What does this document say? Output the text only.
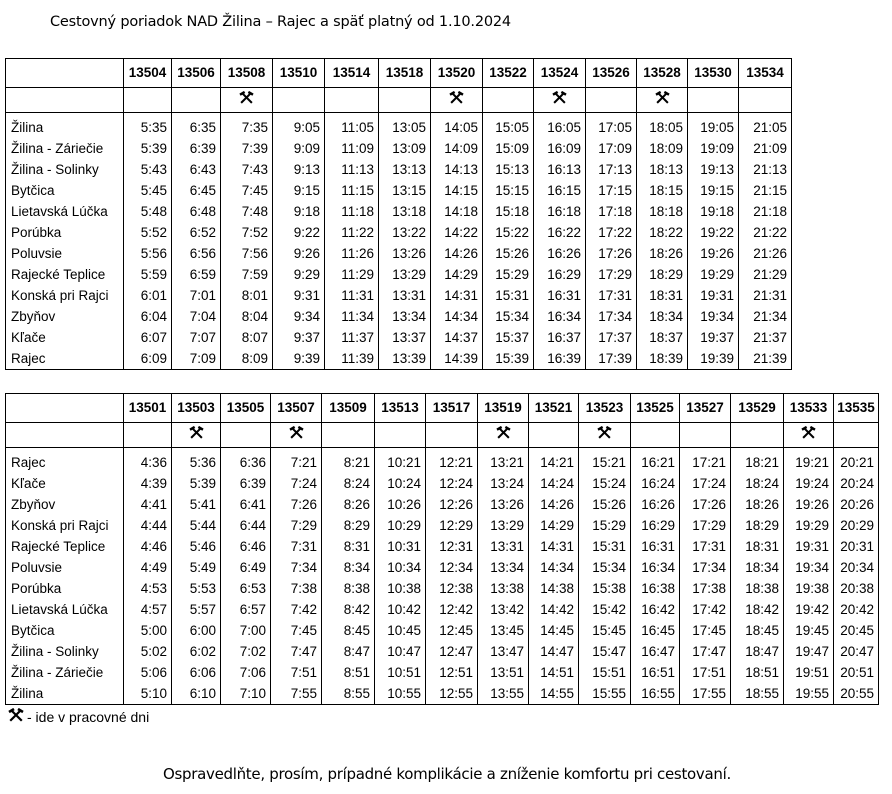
Cestovný poriadok NAD Žilina – Rajec a späť platný od 1.10.2024
	13504	13506	13508	13510	13514	13518	13520	13522	13524	13526	13528	13530	13534

Žilina	5:35	6:35	7:35	9:05	11:05	13:05	14:05	15:05	16:05	17:05	18:05	19:05	21:05
Žilina - Záriečie	5:39	6:39	7:39	9:09	11:09	13:09	14:09	15:09	16:09	17:09	18:09	19:09	21:09
Žilina - Solinky	5:43	6:43	7:43	9:13	11:13	13:13	14:13	15:13	16:13	17:13	18:13	19:13	21:13
Bytčica	5:45	6:45	7:45	9:15	11:15	13:15	14:15	15:15	16:15	17:15	18:15	19:15	21:15
Lietavská Lúčka	5:48	6:48	7:48	9:18	11:18	13:18	14:18	15:18	16:18	17:18	18:18	19:18	21:18
Porúbka	5:52	6:52	7:52	9:22	11:22	13:22	14:22	15:22	16:22	17:22	18:22	19:22	21:22
Poluvsie	5:56	6:56	7:56	9:26	11:26	13:26	14:26	15:26	16:26	17:26	18:26	19:26	21:26
Rajecké Teplice	5:59	6:59	7:59	9:29	11:29	13:29	14:29	15:29	16:29	17:29	18:29	19:29	21:29
Konská pri Rajci	6:01	7:01	8:01	9:31	11:31	13:31	14:31	15:31	16:31	17:31	18:31	19:31	21:31
Zbyňov	6:04	7:04	8:04	9:34	11:34	13:34	14:34	15:34	16:34	17:34	18:34	19:34	21:34
Kľače	6:07	7:07	8:07	9:37	11:37	13:37	14:37	15:37	16:37	17:37	18:37	19:37	21:37
Rajec	6:09	7:09	8:09	9:39	11:39	13:39	14:39	15:39	16:39	17:39	18:39	19:39	21:39
	13501	13503	13505	13507	13509	13513	13517	13519	13521	13523	13525	13527	13529	13533	13535

Rajec	4:36	5:36	6:36	7:21	8:21	10:21	12:21	13:21	14:21	15:21	16:21	17:21	18:21	19:21	20:21
Kľače	4:39	5:39	6:39	7:24	8:24	10:24	12:24	13:24	14:24	15:24	16:24	17:24	18:24	19:24	20:24
Zbyňov	4:41	5:41	6:41	7:26	8:26	10:26	12:26	13:26	14:26	15:26	16:26	17:26	18:26	19:26	20:26
Konská pri Rajci	4:44	5:44	6:44	7:29	8:29	10:29	12:29	13:29	14:29	15:29	16:29	17:29	18:29	19:29	20:29
Rajecké Teplice	4:46	5:46	6:46	7:31	8:31	10:31	12:31	13:31	14:31	15:31	16:31	17:31	18:31	19:31	20:31
Poluvsie	4:49	5:49	6:49	7:34	8:34	10:34	12:34	13:34	14:34	15:34	16:34	17:34	18:34	19:34	20:34
Porúbka	4:53	5:53	6:53	7:38	8:38	10:38	12:38	13:38	14:38	15:38	16:38	17:38	18:38	19:38	20:38
Lietavská Lúčka	4:57	5:57	6:57	7:42	8:42	10:42	12:42	13:42	14:42	15:42	16:42	17:42	18:42	19:42	20:42
Bytčica	5:00	6:00	7:00	7:45	8:45	10:45	12:45	13:45	14:45	15:45	16:45	17:45	18:45	19:45	20:45
Žilina - Solinky	5:02	6:02	7:02	7:47	8:47	10:47	12:47	13:47	14:47	15:47	16:47	17:47	18:47	19:47	20:47
Žilina - Záriečie	5:06	6:06	7:06	7:51	8:51	10:51	12:51	13:51	14:51	15:51	16:51	17:51	18:51	19:51	20:51
Žilina	5:10	6:10	7:10	7:55	8:55	10:55	12:55	13:55	14:55	15:55	16:55	17:55	18:55	19:55	20:55
- ide v pracovné dni
Ospravedlňte, prosím, prípadné komplikácie a zníženie komfortu pri cestovaní.
